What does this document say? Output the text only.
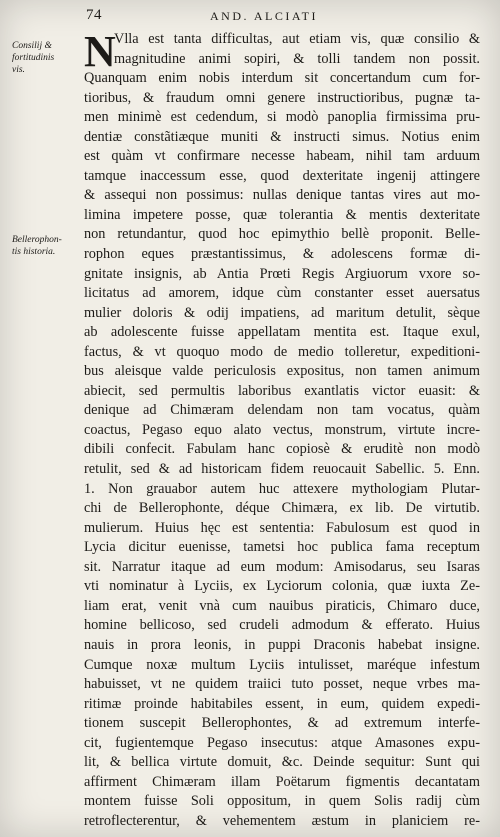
74	AND. ALCIATI
Consilij &
fortitudinis
vis.
Bellerophon-
tis historia.
N
Vlla est tanta difficultas, aut etiam vis, quæ consilio &
magnitudine animi sopiri, & tolli tandem non possit.
Quanquam enim nobis interdum sit concertandum cum for-
tioribus, & fraudum omni genere instructioribus, pugnæ ta-
men minimè est cedendum, si modò panoplia firmissima pru-
dentiæ constãtiæque muniti & instructi simus. Notius enim
est quàm vt confirmare necesse habeam, nihil tam arduum
tamque inaccessum esse, quod dexteritate ingenij attingere
& assequi non possimus: nullas denique tantas vires aut mo-
limina impetere posse, quæ tolerantia & mentis dexteritate
non retundantur, quod hoc epimythio bellè proponit. Belle-
rophon eques præstantissimus, & adolescens formæ di-
gnitate insignis, ab Antia Prœti Regis Argiuorum vxore so-
licitatus ad amorem, idque cùm constanter esset auersatus
mulier doloris & odij impatiens, ad maritum detulit, sèque
ab adolescente fuisse appellatam mentita est. Itaque exul,
factus, & vt quoquo modo de medio tolleretur, expeditioni-
bus aleisque valde periculosis expositus, non tamen animum
abiecit, sed permultis laboribus exantlatis victor euasit: &
denique ad Chimæram delendam non tam vocatus, quàm
coactus, Pegaso equo alato vectus, monstrum, virtute incre-
dibili confecit. Fabulam hanc copiosè & eruditè non modò
retulit, sed & ad historicam fidem reuocauit Sabellic. 5. Enn.
1. Non grauabor autem huc attexere mythologiam Plutar-
chi de Bellerophonte, déque Chimæra, ex lib. De virtutib.
mulierum. Huius hęc est sententia: Fabulosum est quod in
Lycia dicitur euenisse, tametsi hoc publica fama receptum
sit. Narratur itaque ad eum modum: Amisodarus, seu Isaras
vti nominatur à Lyciis, ex Lyciorum colonia, quæ iuxta Ze-
liam erat, venit vnà cum nauibus piraticis, Chimaro duce,
homine bellicoso, sed crudeli admodum & efferato. Huius
nauis in prora leonis, in puppi Draconis habebat insigne.
Cumque noxæ multum Lyciis intulisset, maréque infestum
habuisset, vt ne quidem traiici tuto posset, neque vrbes ma-
ritimæ proinde habitabiles essent, in eum, quidem expedi-
tionem suscepit Bellerophontes, & ad extremum interfe-
cit, fugientemque Pegaso insecutus: atque Amasones expu-
lit, & bellica virtute domuit, &c. Deinde sequitur: Sunt qui
affirment Chimæram illam Poëtarum figmentis decantatam
montem fuisse Soli oppositum, in quem Solis radij cùm
retroflecterentur, & vehementem æstum in planiciem re-
